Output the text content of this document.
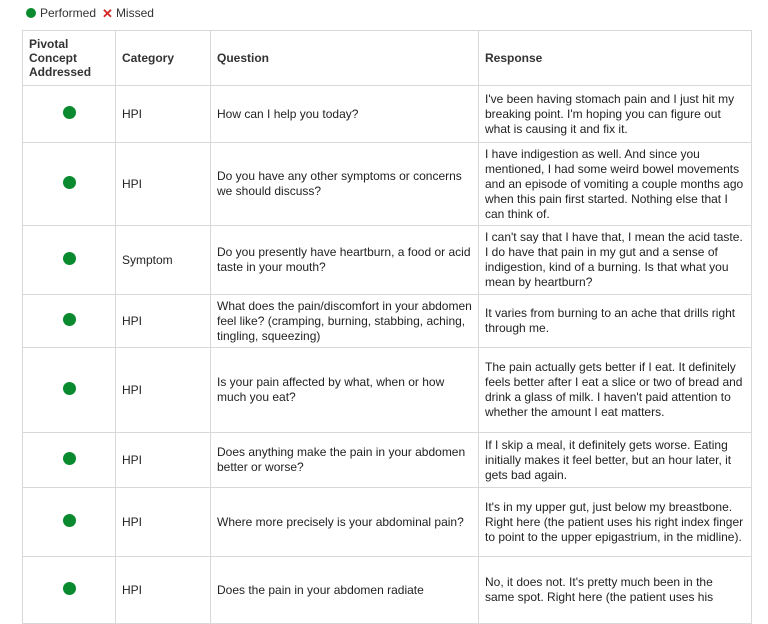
Performed ✕ Missed
Pivotal Concept Addressed	Category	Question	Response
	HPI	How can I help you today?	I've been having stomach pain and I just hit my breaking point. I'm hoping you can figure out what is causing it and fix it.
	HPI	Do you have any other symptoms or concerns we should discuss?	I have indigestion as well. And since you mentioned, I had some weird bowel movements and an episode of vomiting a couple months ago when this pain first started. Nothing else that I can think of.
	Symptom	Do you presently have heartburn, a food or acid taste in your mouth?	I can't say that I have that, I mean the acid taste. I do have that pain in my gut and a sense of indigestion, kind of a burning. Is that what you mean by heartburn?
	HPI	What does the pain/discomfort in your abdomen feel like? (cramping, burning, stabbing, aching, tingling, squeezing)	It varies from burning to an ache that drills right through me.
	HPI	Is your pain affected by what, when or how much you eat?	The pain actually gets better if I eat. It definitely feels better after I eat a slice or two of bread and drink a glass of milk. I haven't paid attention to whether the amount I eat matters.
	HPI	Does anything make the pain in your abdomen better or worse?	If I skip a meal, it definitely gets worse. Eating initially makes it feel better, but an hour later, it gets bad again.
	HPI	Where more precisely is your abdominal pain?	It's in my upper gut, just below my breastbone. Right here (the patient uses his right index finger to point to the upper epigastrium, in the midline).
	HPI	Does the pain in your abdomen radiate	No, it does not. It's pretty much been in the same spot. Right here (the patient uses his
